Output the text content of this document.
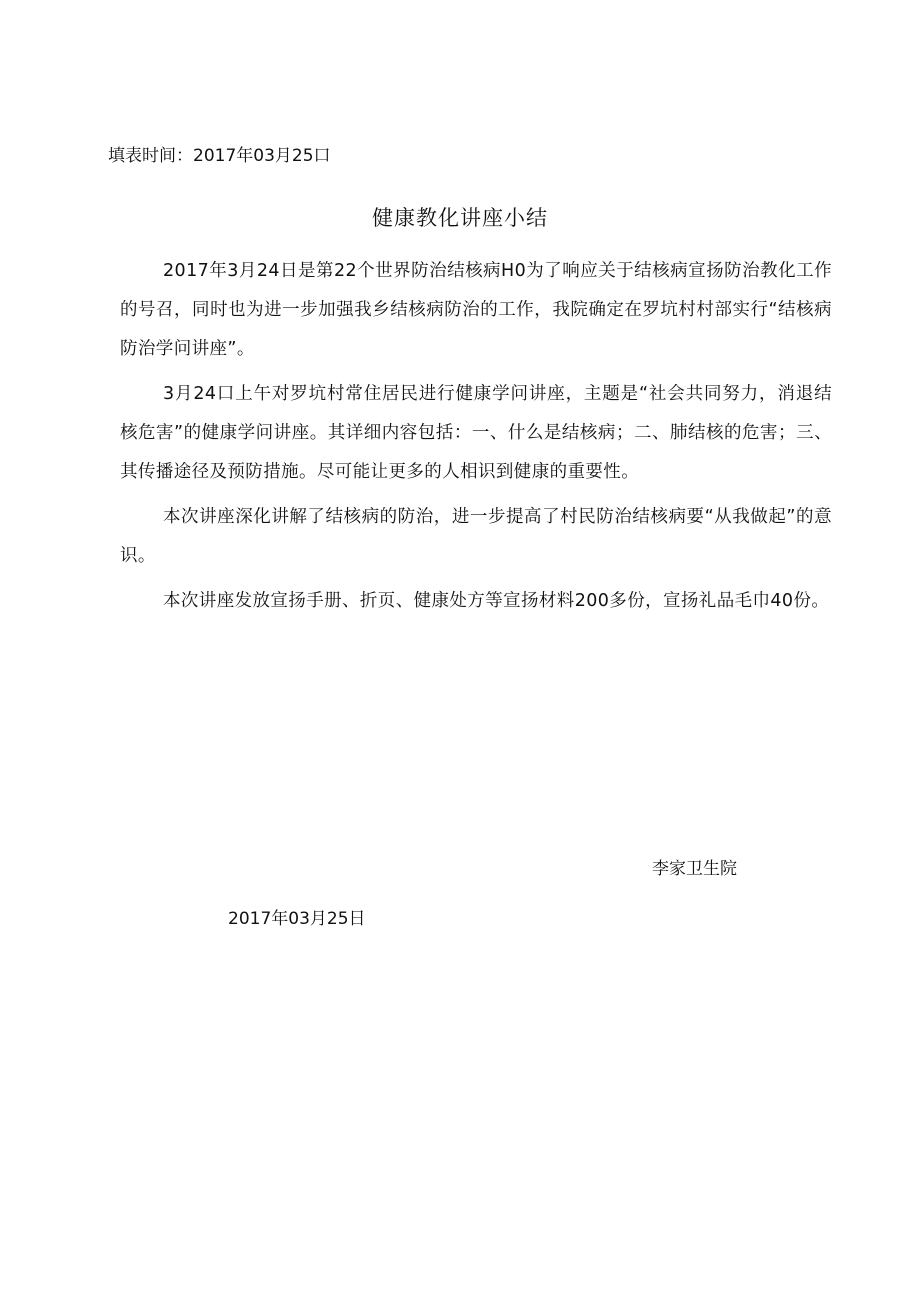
填表时间：2017年03月25口
健康教化讲座小结

2017年3月24日是第22个世界防治结核病H0为了响应关于结核病宣扬防治教化工作的号召，同时也为进一步加强我乡结核病防治的工作，我院确定在罗坑村村部实行“结核病防治学问讲座”。

3月24口上午对罗坑村常住居民进行健康学问讲座，主题是“社会共同努力，消退结核危害”的健康学问讲座。其详细内容包括：一、什么是结核病；二、肺结核的危害；三、其传播途径及预防措施。尽可能让更多的人相识到健康的重要性。

本次讲座深化讲解了结核病的防治，进一步提高了村民防治结核病要“从我做起”的意识。

本次讲座发放宣扬手册、折页、健康处方等宣扬材料200多份，宣扬礼品毛巾40份。

李家卫生院
2017年03月25日
